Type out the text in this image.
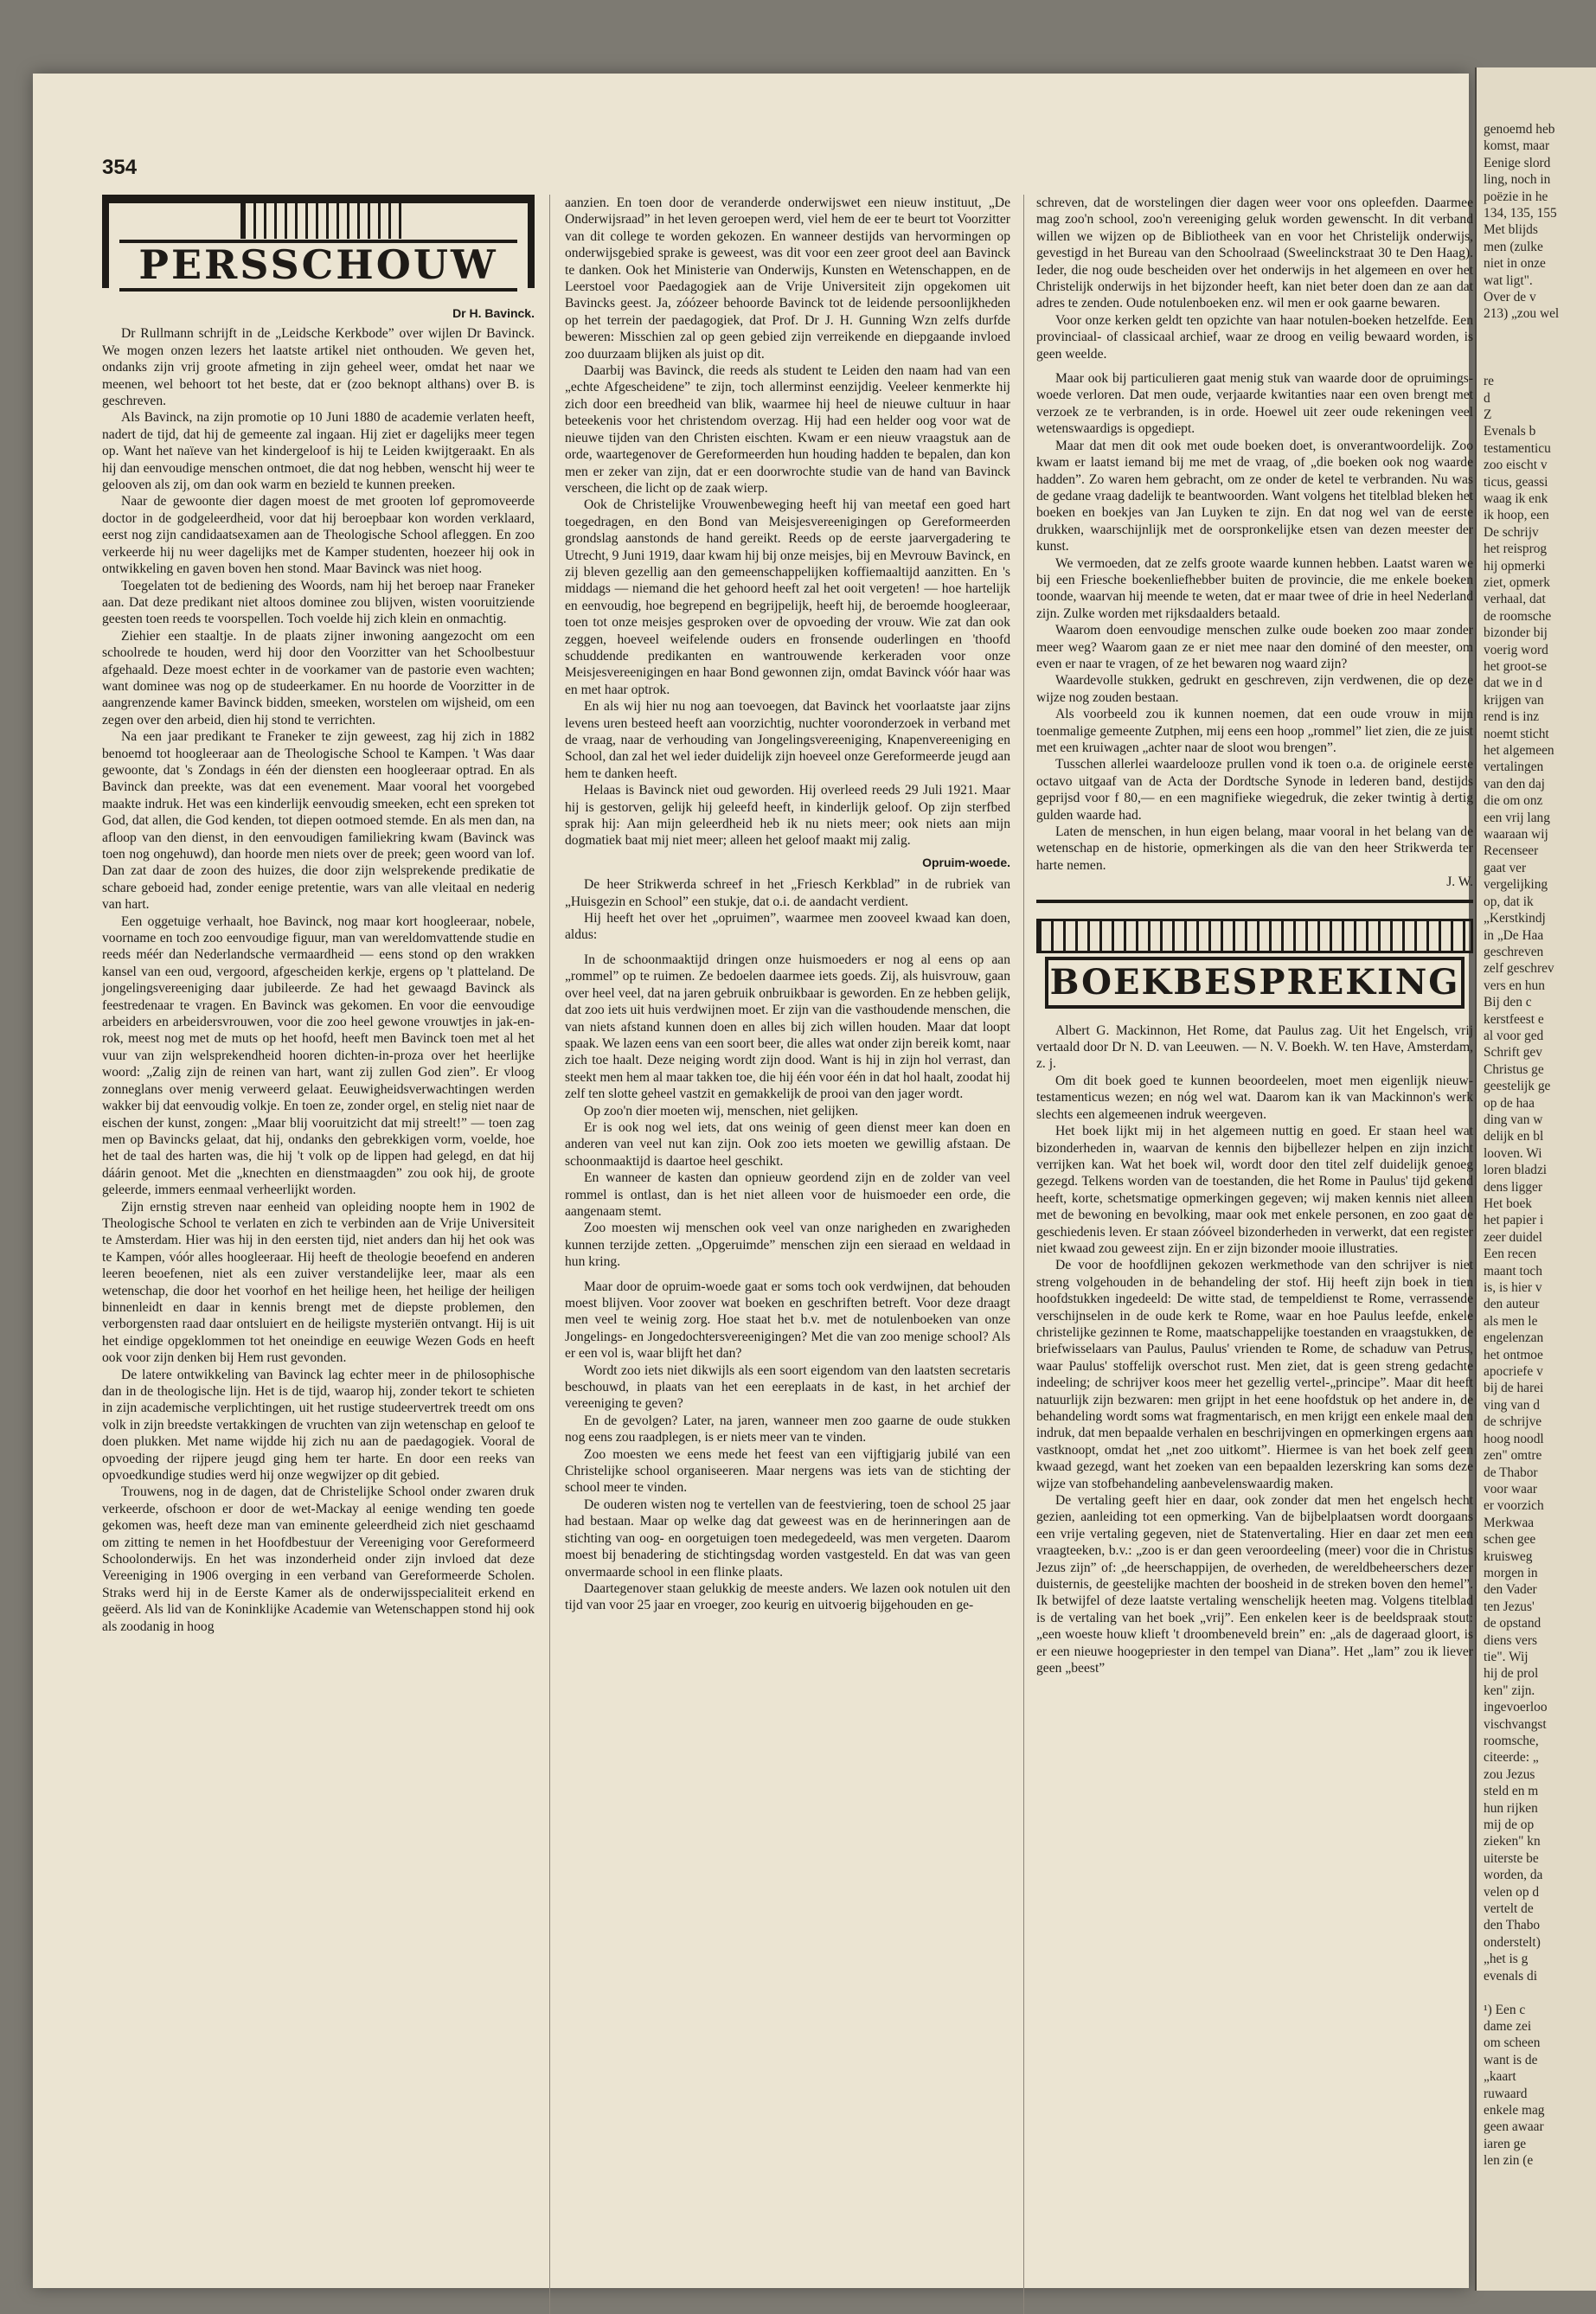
354
PERSSCHOUW
Dr H. Bavinck.

Dr Rullmann schrijft in de „Leidsche Kerkbode” over wijlen Dr Bavinck. We mogen onzen lezers het laatste artikel niet onthouden. We geven het, ondanks zijn vrij groote afmeting in zijn geheel weer, omdat het naar we meenen, wel behoort tot het beste, dat er (zoo beknopt althans) over B. is geschreven.

Als Bavinck, na zijn promotie op 10 Juni 1880 de academie verlaten heeft, nadert de tijd, dat hij de gemeente zal ingaan. Hij ziet er dagelijks meer tegen op. Want het naïeve van het kindergeloof is hij te Leiden kwijtgeraakt. En als hij dan eenvoudige menschen ontmoet, die dat nog hebben, wenscht hij weer te gelooven als zij, om dan ook warm en bezield te kunnen preeken.

Naar de gewoonte dier dagen moest de met grooten lof gepromoveerde doctor in de godgeleerdheid, voor dat hij beroepbaar kon worden verklaard, eerst nog zijn candidaatsexamen aan de Theologische School afleggen. En zoo verkeerde hij nu weer dagelijks met de Kamper studenten, hoezeer hij ook in ontwikkeling en gaven boven hen stond. Maar Bavinck was niet hoog.

Toegelaten tot de bediening des Woords, nam hij het beroep naar Franeker aan. Dat deze predikant niet altoos dominee zou blijven, wisten vooruitziende geesten toen reeds te voorspellen. Toch voelde hij zich klein en onmachtig.

Ziehier een staaltje. In de plaats zijner inwoning aangezocht om een schoolrede te houden, werd hij door den Voorzitter van het Schoolbestuur afgehaald. Deze moest echter in de voorkamer van de pastorie even wachten; want dominee was nog op de studeerkamer. En nu hoorde de Voorzitter in de aangrenzende kamer Bavinck bidden, smeeken, worstelen om wijsheid, om een zegen over den arbeid, dien hij stond te verrichten.

Na een jaar predikant te Franeker te zijn geweest, zag hij zich in 1882 benoemd tot hoogleeraar aan de Theologische School te Kampen. 't Was daar gewoonte, dat 's Zondags in één der diensten een hoogleeraar optrad. En als Bavinck dan preekte, was dat een evenement. Maar vooral het voorgebed maakte indruk. Het was een kinderlijk eenvoudig smeeken, echt een spreken tot God, dat allen, die God kenden, tot diepen ootmoed stemde. En als men dan, na afloop van den dienst, in den eenvoudigen familiekring kwam (Bavinck was toen nog ongehuwd), dan hoorde men niets over de preek; geen woord van lof. Dan zat daar de zoon des huizes, die door zijn welsprekende predikatie de schare geboeid had, zonder eenige pretentie, wars van alle vleitaal en nederig van hart.

Een oggetuige verhaalt, hoe Bavinck, nog maar kort hoogleeraar, nobele, voorname en toch zoo eenvoudige figuur, man van wereldomvattende studie en reeds méér dan Nederlandsche vermaardheid — eens stond op den wrakken kansel van een oud, vergoord, afgescheiden kerkje, ergens op 't platteland. De jongelingsvereeniging daar jubileerde. Ze had het gewaagd Bavinck als feestredenaar te vragen. En Bavinck was gekomen. En voor die eenvoudige arbeiders en arbeidersvrouwen, voor die zoo heel gewone vrouwtjes in jak-en-rok, meest nog met de muts op het hoofd, heeft men Bavinck toen met al het vuur van zijn welsprekendheid hooren dichten-in-proza over het heerlijke woord: „Zalig zijn de reinen van hart, want zij zullen God zien”. Er vloog zonneglans over menig verweerd gelaat. Eeuwigheidsverwachtingen werden wakker bij dat eenvoudig volkje. En toen ze, zonder orgel, en stelig niet naar de eischen der kunst, zongen: „Maar blij vooruitzicht dat mij streelt!” — toen zag men op Bavincks gelaat, dat hij, ondanks den gebrekkigen vorm, voelde, hoe het de taal des harten was, die hij 't volk op de lippen had gelegd, en dat hij dáárin genoot. Met die „knechten en dienstmaagden” zou ook hij, de groote geleerde, immers eenmaal verheerlijkt worden.

Zijn ernstig streven naar eenheid van opleiding noopte hem in 1902 de Theologische School te verlaten en zich te verbinden aan de Vrije Universiteit te Amsterdam. Hier was hij in den eersten tijd, niet anders dan hij het ook was te Kampen, vóór alles hoogleeraar. Hij heeft de theologie beoefend en anderen leeren beoefenen, niet als een zuiver verstandelijke leer, maar als een wetenschap, die door het voorhof en het heilige heen, het heilige der heiligen binnenleidt en daar in kennis brengt met de diepste problemen, den verborgensten raad daar ontsluiert en de heiligste mysteriën ontvangt. Hij is uit het eindige opgeklommen tot het oneindige en eeuwige Wezen Gods en heeft ook voor zijn denken bij Hem rust gevonden.

De latere ontwikkeling van Bavinck lag echter meer in de philosophische dan in de theologische lijn. Het is de tijd, waarop hij, zonder tekort te schieten in zijn academische verplichtingen, uit het rustige studeervertrek treedt om ons volk in zijn breedste vertakkingen de vruchten van zijn wetenschap en geloof te doen plukken. Met name wijdde hij zich nu aan de paedagogiek. Vooral de opvoeding der rijpere jeugd ging hem ter harte. En door een reeks van opvoedkundige studies werd hij onze wegwijzer op dit gebied.

Trouwens, nog in de dagen, dat de Christelijke School onder zwaren druk verkeerde, ofschoon er door de wet-Mackay al eenige wending ten goede gekomen was, heeft deze man van eminente geleerdheid zich niet geschaamd om zitting te nemen in het Hoofdbestuur der Vereeniging voor Gereformeerd Schoolonderwijs. En het was inzonderheid onder zijn invloed dat deze Vereeniging in 1906 overging in een verband van Gereformeerde Scholen. Straks werd hij in de Eerste Kamer als de onderwijsspecialiteit erkend en geëerd. Als lid van de Koninklijke Academie van Wetenschappen stond hij ook als zoodanig in hoog

aanzien. En toen door de veranderde onderwijswet een nieuw instituut, „De Onderwijsraad” in het leven geroepen werd, viel hem de eer te beurt tot Voorzitter van dit college te worden gekozen. En wanneer destijds van hervormingen op onderwijsgebied sprake is geweest, was dit voor een zeer groot deel aan Bavinck te danken. Ook het Ministerie van Onderwijs, Kunsten en Wetenschappen, en de Leerstoel voor Paedagogiek aan de Vrije Universiteit zijn opgekomen uit Bavincks geest. Ja, zóózeer behoorde Bavinck tot de leidende persoonlijkheden op het terrein der paedagogiek, dat Prof. Dr J. H. Gunning Wzn zelfs durfde beweren: Misschien zal op geen gebied zijn verreikende en diepgaande invloed zoo duurzaam blijken als juist op dit.

Daarbij was Bavinck, die reeds als student te Leiden den naam had van een „echte Afgescheidene” te zijn, toch allerminst eenzijdig. Veeleer kenmerkte hij zich door een breedheid van blik, waarmee hij heel de nieuwe cultuur in haar beteekenis voor het christendom overzag. Hij had een helder oog voor wat de nieuwe tijden van den Christen eischten. Kwam er een nieuw vraagstuk aan de orde, waartegenover de Gereformeerden hun houding hadden te bepalen, dan kon men er zeker van zijn, dat er een doorwrochte studie van de hand van Bavinck verscheen, die licht op de zaak wierp.

Ook de Christelijke Vrouwenbeweging heeft hij van meetaf een goed hart toegedragen, en den Bond van Meisjesvereenigingen op Gereformeerden grondslag aanstonds de hand gereikt. Reeds op de eerste jaarvergadering te Utrecht, 9 Juni 1919, daar kwam hij bij onze meisjes, bij en Mevrouw Bavinck, en zij bleven gezellig aan den gemeenschappelijken koffiemaaltijd aanzitten. En 's middags — niemand die het gehoord heeft zal het ooit vergeten! — hoe hartelijk en eenvoudig, hoe begrepend en begrijpelijk, heeft hij, de beroemde hoogleeraar, toen tot onze meisjes gesproken over de opvoeding der vrouw. Wie zat dan ook zeggen, hoeveel weifelende ouders en fronsende ouderlingen en 'thoofd schuddende predikanten en wantrouwende kerkeraden voor onze Meisjesvereenigingen en haar Bond gewonnen zijn, omdat Bavinck vóór haar was en met haar optrok.

En als wij hier nu nog aan toevoegen, dat Bavinck het voorlaatste jaar zijns levens uren besteed heeft aan voorzichtig, nuchter vooronderzoek in verband met de vraag, naar de verhouding van Jongelingsvereeniging, Knapenvereeniging en School, dan zal het wel ieder duidelijk zijn hoeveel onze Gereformeerde jeugd aan hem te danken heeft.

Helaas is Bavinck niet oud geworden. Hij overleed reeds 29 Juli 1921. Maar hij is gestorven, gelijk hij geleefd heeft, in kinderlijk geloof. Op zijn sterfbed sprak hij: Aan mijn geleerdheid heb ik nu niets meer; ook niets aan mijn dogmatiek baat mij niet meer; alleen het geloof maakt mij zalig.

Opruim-woede.

De heer Strikwerda schreef in het „Friesch Kerkblad” in de rubriek van „Huisgezin en School” een stukje, dat o.i. de aandacht verdient.

Hij heeft het over het „opruimen”, waarmee men zooveel kwaad kan doen, aldus:

In de schoonmaaktijd dringen onze huismoeders er nog al eens op aan „rommel” op te ruimen. Ze bedoelen daarmee iets goeds. Zij, als huisvrouw, gaan over heel veel, dat na jaren gebruik onbruikbaar is geworden. En ze hebben gelijk, dat zoo iets uit huis verdwijnen moet. Er zijn van die vasthoudende menschen, die van niets afstand kunnen doen en alles bij zich willen houden. Maar dat loopt spaak. We lazen eens van een soort beer, die alles wat onder zijn bereik komt, naar zich toe haalt. Deze neiging wordt zijn dood. Want is hij in zijn hol verrast, dan steekt men hem al maar takken toe, die hij één voor één in dat hol haalt, zoodat hij zelf ten slotte geheel vastzit en gemakkelijk de prooi van den jager wordt.

Op zoo'n dier moeten wij, menschen, niet gelijken.

Er is ook nog wel iets, dat ons weinig of geen dienst meer kan doen en anderen van veel nut kan zijn. Ook zoo iets moeten we gewillig afstaan. De schoonmaaktijd is daartoe heel geschikt.

En wanneer de kasten dan opnieuw geordend zijn en de zolder van veel rommel is ontlast, dan is het niet alleen voor de huismoeder een orde, die aangenaam stemt.

Zoo moesten wij menschen ook veel van onze narigheden en zwarigheden kunnen terzijde zetten. „Opgeruimde” menschen zijn een sieraad en weldaad in hun kring.

Maar door de opruim-woede gaat er soms toch ook verdwijnen, dat behouden moest blijven. Voor zoover wat boeken en geschriften betreft. Voor deze draagt men veel te weinig zorg. Hoe staat het b.v. met de notulenboeken van onze Jongelings- en Jongedochtersvereenigingen? Met die van zoo menige school? Als er een vol is, waar blijft het dan?

Wordt zoo iets niet dikwijls als een soort eigendom van den laatsten secretaris beschouwd, in plaats van het een eereplaats in de kast, in het archief der vereeniging te geven?

En de gevolgen? Later, na jaren, wanneer men zoo gaarne de oude stukken nog eens zou raadplegen, is er niets meer van te vinden.

Zoo moesten we eens mede het feest van een vijftigjarig jubilé van een Christelijke school organiseeren. Maar nergens was iets van de stichting der school meer te vinden.

De ouderen wisten nog te vertellen van de feestviering, toen de school 25 jaar had bestaan. Maar op welke dag dat geweest was en de herinneringen aan de stichting van oog- en oorgetuigen toen medegedeeld, was men vergeten. Daarom moest bij benadering de stichtingsdag worden vastgesteld. En dat was van geen onvermaarde school in een flinke plaats.

Daartegenover staan gelukkig de meeste anders. We lazen ook notulen uit den tijd van voor 25 jaar en vroeger, zoo keurig en uitvoerig bijgehouden en ge-

schreven, dat de worstelingen dier dagen weer voor ons opleefden. Daarmee mag zoo'n school, zoo'n vereeniging geluk worden gewenscht. In dit verband willen we wijzen op de Bibliotheek van en voor het Christelijk onderwijs, gevestigd in het Bureau van den Schoolraad (Sweelinckstraat 30 te Den Haag). Ieder, die nog oude bescheiden over het onderwijs in het algemeen en over het Christelijk onderwijs in het bijzonder heeft, kan niet beter doen dan ze aan dat adres te zenden. Oude notulenboeken enz. wil men er ook gaarne bewaren.

Voor onze kerken geldt ten opzichte van haar notulen-boeken hetzelfde. Een provinciaal- of classicaal archief, waar ze droog en veilig bewaard worden, is geen weelde.

Maar ook bij particulieren gaat menig stuk van waarde door de opruimings-woede verloren. Dat men oude, verjaarde kwitanties naar een oven brengt met verzoek ze te verbranden, is in orde. Hoewel uit zeer oude rekeningen veel wetenswaardigs is opgediept.

Maar dat men dit ook met oude boeken doet, is onverantwoordelijk. Zoo kwam er laatst iemand bij me met de vraag, of „die boeken ook nog waarde hadden”. Zo waren hem gebracht, om ze onder de ketel te verbranden. Nu was de gedane vraag dadelijk te beantwoorden. Want volgens het titelblad bleken het boeken en boekjes van Jan Luyken te zijn. En dat nog wel van de eerste drukken, waarschijnlijk met de oorspronkelijke etsen van dezen meester der kunst.

We vermoeden, dat ze zelfs groote waarde kunnen hebben. Laatst waren we bij een Friesche boekenliefhebber buiten de provincie, die me enkele boeken toonde, waarvan hij meende te weten, dat er maar twee of drie in heel Nederland zijn. Zulke worden met rijksdaalders betaald.

Waarom doen eenvoudige menschen zulke oude boeken zoo maar zonder meer weg? Waarom gaan ze er niet mee naar den dominé of den meester, om even er naar te vragen, of ze het bewaren nog waard zijn?

Waardevolle stukken, gedrukt en geschreven, zijn verdwenen, die op deze wijze nog zouden bestaan.

Als voorbeeld zou ik kunnen noemen, dat een oude vrouw in mijn toenmalige gemeente Zutphen, mij eens een hoop „rommel” liet zien, die ze juist met een kruiwagen „achter naar de sloot wou brengen”.

Tusschen allerlei waardelooze prullen vond ik toen o.a. de originele eerste octavo uitgaaf van de Acta der Dordtsche Synode in lederen band, destijds geprijsd voor f 80,— en een magnifieke wiegedruk, die zeker twintig à dertig gulden waarde had.

Laten de menschen, in hun eigen belang, maar vooral in het belang van de wetenschap en de historie, opmerkingen als die van den heer Strikwerda ter harte nemen.

J. W.
BOEKBESPREKING

Albert G. Mackinnon, Het Rome, dat Paulus zag. Uit het Engelsch, vrij vertaald door Dr N. D. van Leeuwen. — N. V. Boekh. W. ten Have, Amsterdam, z. j.

Om dit boek goed te kunnen beoordeelen, moet men eigenlijk nieuw-testamenticus wezen; en nóg wel wat. Daarom kan ik van Mackinnon's werk slechts een algemeenen indruk weergeven.

Het boek lijkt mij in het algemeen nuttig en goed. Er staan heel wat bizonderheden in, waarvan de kennis den bijbellezer helpen en zijn inzicht verrijken kan. Wat het boek wil, wordt door den titel zelf duidelijk genoeg gezegd. Telkens worden van de toestanden, die het Rome in Paulus' tijd gekend heeft, korte, schetsmatige opmerkingen gegeven; wij maken kennis niet alleen met de bewoning en bevolking, maar ook met enkele personen, en zoo gaat de geschiedenis leven. Er staan zóóveel bizonderheden in verwerkt, dat een register niet kwaad zou geweest zijn. En er zijn bizonder mooie illustraties.

De voor de hoofdlijnen gekozen werkmethode van den schrijver is niet streng volgehouden in de behandeling der stof. Hij heeft zijn boek in tien hoofdstukken ingedeeld: De witte stad, de tempeldienst te Rome, verrassende verschijnselen in de oude kerk te Rome, waar en hoe Paulus leefde, enkele christelijke gezinnen te Rome, maatschappelijke toestanden en vraagstukken, de briefwisselaars van Paulus, Paulus' vrienden te Rome, de schaduw van Petrus, waar Paulus' stoffelijk overschot rust. Men ziet, dat is geen streng gedachte indeeling; de schrijver koos meer het gezellig vertel-„principe”. Maar dit heeft natuurlijk zijn bezwaren: men grijpt in het eene hoofdstuk op het andere in, de behandeling wordt soms wat fragmentarisch, en men krijgt een enkele maal den indruk, dat men bepaalde verhalen en beschrijvingen en opmerkingen ergens aan vastknoopt, omdat het „net zoo uitkomt”. Hiermee is van het boek zelf geen kwaad gezegd, want het zoeken van een bepaalden lezerskring kan soms deze wijze van stofbehandeling aanbevelenswaardig maken.

De vertaling geeft hier en daar, ook zonder dat men het engelsch hecht gezien, aanleiding tot een opmerking. Van de bijbelplaatsen wordt doorgaans een vrije vertaling gegeven, niet de Statenvertaling. Hier en daar zet men een vraagteeken, b.v.: „zoo is er dan geen veroordeeling (meer) voor die in Christus Jezus zijn” of: „de heerschappijen, de overheden, de wereldbeheerschers dezer duisternis, de geestelijke machten der boosheid in de streken boven den hemel”. Ik betwijfel of deze laatste vertaling wenschelijk heeten mag. Volgens titelblad is de vertaling van het boek „vrij”. Een enkelen keer is de beeldspraak stout: „een woeste houw klieft 't droombeneveld brein” en: „als de dageraad gloort, is er een nieuwe hoogepriester in den tempel van Diana”. Het „lam” zou ik liever geen „beest”

genoemd heb
komst, maar
Eenige slord
ling, noch in
poëzie in he
134, 135, 155
Met blijds
men (zulke
niet in onze
wat ligt".
Over de v
213) „zou wel

re
d
Z
Evenals b
testamenticu
zoo eischt v
ticus, geassi
waag ik enk
ik hoop, een
De schrijv
het reisprog
hij opmerki
ziet, opmerk
verhaal, dat
de roomsche
bizonder bij
voerig word
het groot-se
dat we in d
krijgen van
rend is inz
noemt sticht
het algemeen
vertalingen
van den daj
die om onz
een vrij lang
waaraan wij
Recenseer
gaat ver
vergelijking
op, dat ik
„Kerstkindj
in „De Haa
geschreven
zelf geschrev
vers en hun
Bij den c
kerstfeest e
al voor ged
Schrift gev
Christus ge
geestelijk ge
op de haa
ding van w
delijk en bl
looven. Wi
loren bladzi
dens ligger
Het boek
het papier i
zeer duidel
Een recen
maant toch
is, is hier v
den auteur
als men le
engelenzan
het ontmoe
apocriefe v
bij de harei
ving van d
de schrijve
hoog noodl
zen" omtre
de Thabor
voor waar
er voorzich
Merkwaa
schen gee
kruisweg
morgen in
den Vader
ten Jezus'
de opstand
diens vers
tie". Wij
hij de prol
ken" zijn.
ingevoerloo
vischvangst
roomsche,
citeerde: „
zou Jezus
steld en m
hun rijken
mij de op
zieken" kn
uiterste be
worden, da
velen op d
vertelt de
den Thabo
onderstelt)
„het is g
evenals di

¹) Een c
dame zei
om scheen
want is de
„kaart
ruwaard
enkele mag
geen awaar
iaren ge
len zin (e
